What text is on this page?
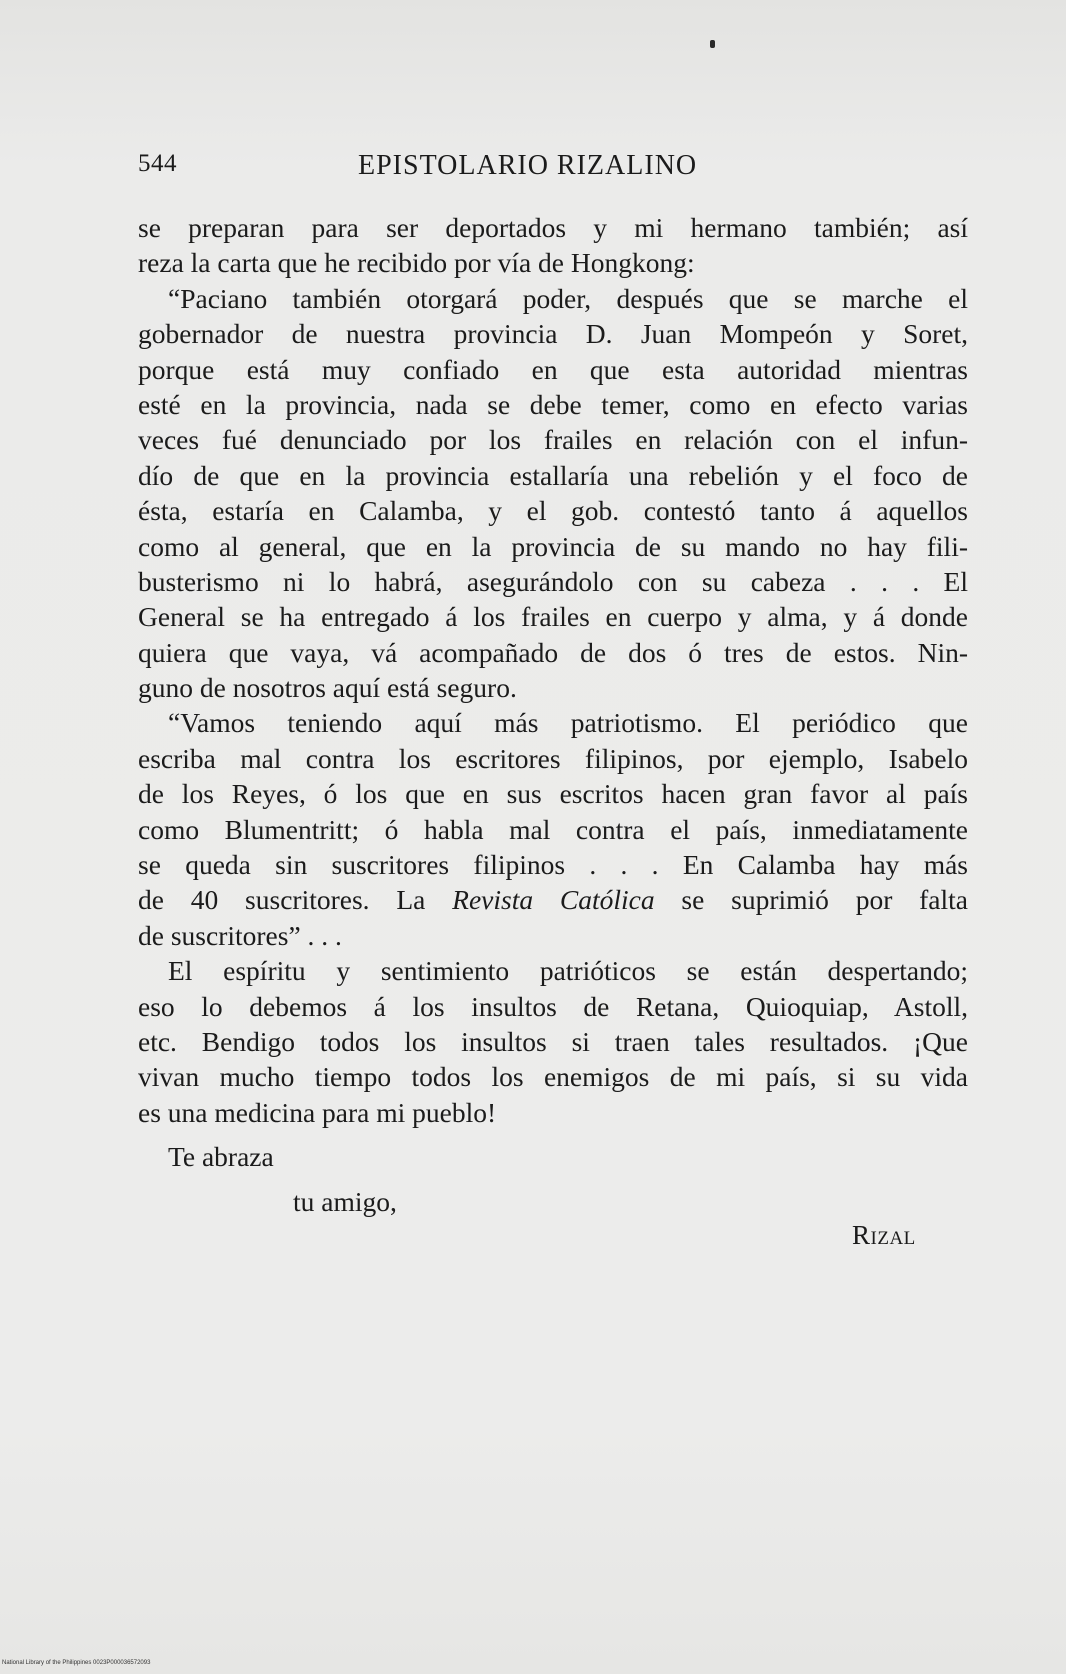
544	EPISTOLARIO RIZALINO
se preparan para ser deportados y mi hermano también; así
reza la carta que he recibido por vía de Hongkong:
“Paciano también otorgará poder, después que se marche el
gobernador de nuestra provincia D. Juan Mompeón y Soret,
porque está muy confiado en que esta autoridad mientras
esté en la provincia, nada se debe temer, como en efecto varias
veces fué denunciado por los frailes en relación con el infun-
dío de que en la provincia estallaría una rebelión y el foco de
ésta, estaría en Calamba, y el gob. contestó tanto á aquellos
como al general, que en la provincia de su mando no hay fili-
busterismo ni lo habrá, asegurándolo con su cabeza . . . El
General se ha entregado á los frailes en cuerpo y alma, y á donde
quiera que vaya, vá acompañado de dos ó tres de estos. Nin-
guno de nosotros aquí está seguro.
“Vamos teniendo aquí más patriotismo. El periódico que
escriba mal contra los escritores filipinos, por ejemplo, Isabelo
de los Reyes, ó los que en sus escritos hacen gran favor al país
como Blumentritt; ó habla mal contra el país, inmediatamente
se queda sin suscritores filipinos . . . En Calamba hay más
de 40 suscritores. La Revista Católica se suprimió por falta
de suscritores” . . .
El espíritu y sentimiento patrióticos se están despertando;
eso lo debemos á los insultos de Retana, Quioquiap, Astoll,
etc. Bendigo todos los insultos si traen tales resultados. ¡Que
vivan mucho tiempo todos los enemigos de mi país, si su vida
es una medicina para mi pueblo!
Te abraza
tu amigo,
Rizal
National Library of the Philippines 0023P000036572093
